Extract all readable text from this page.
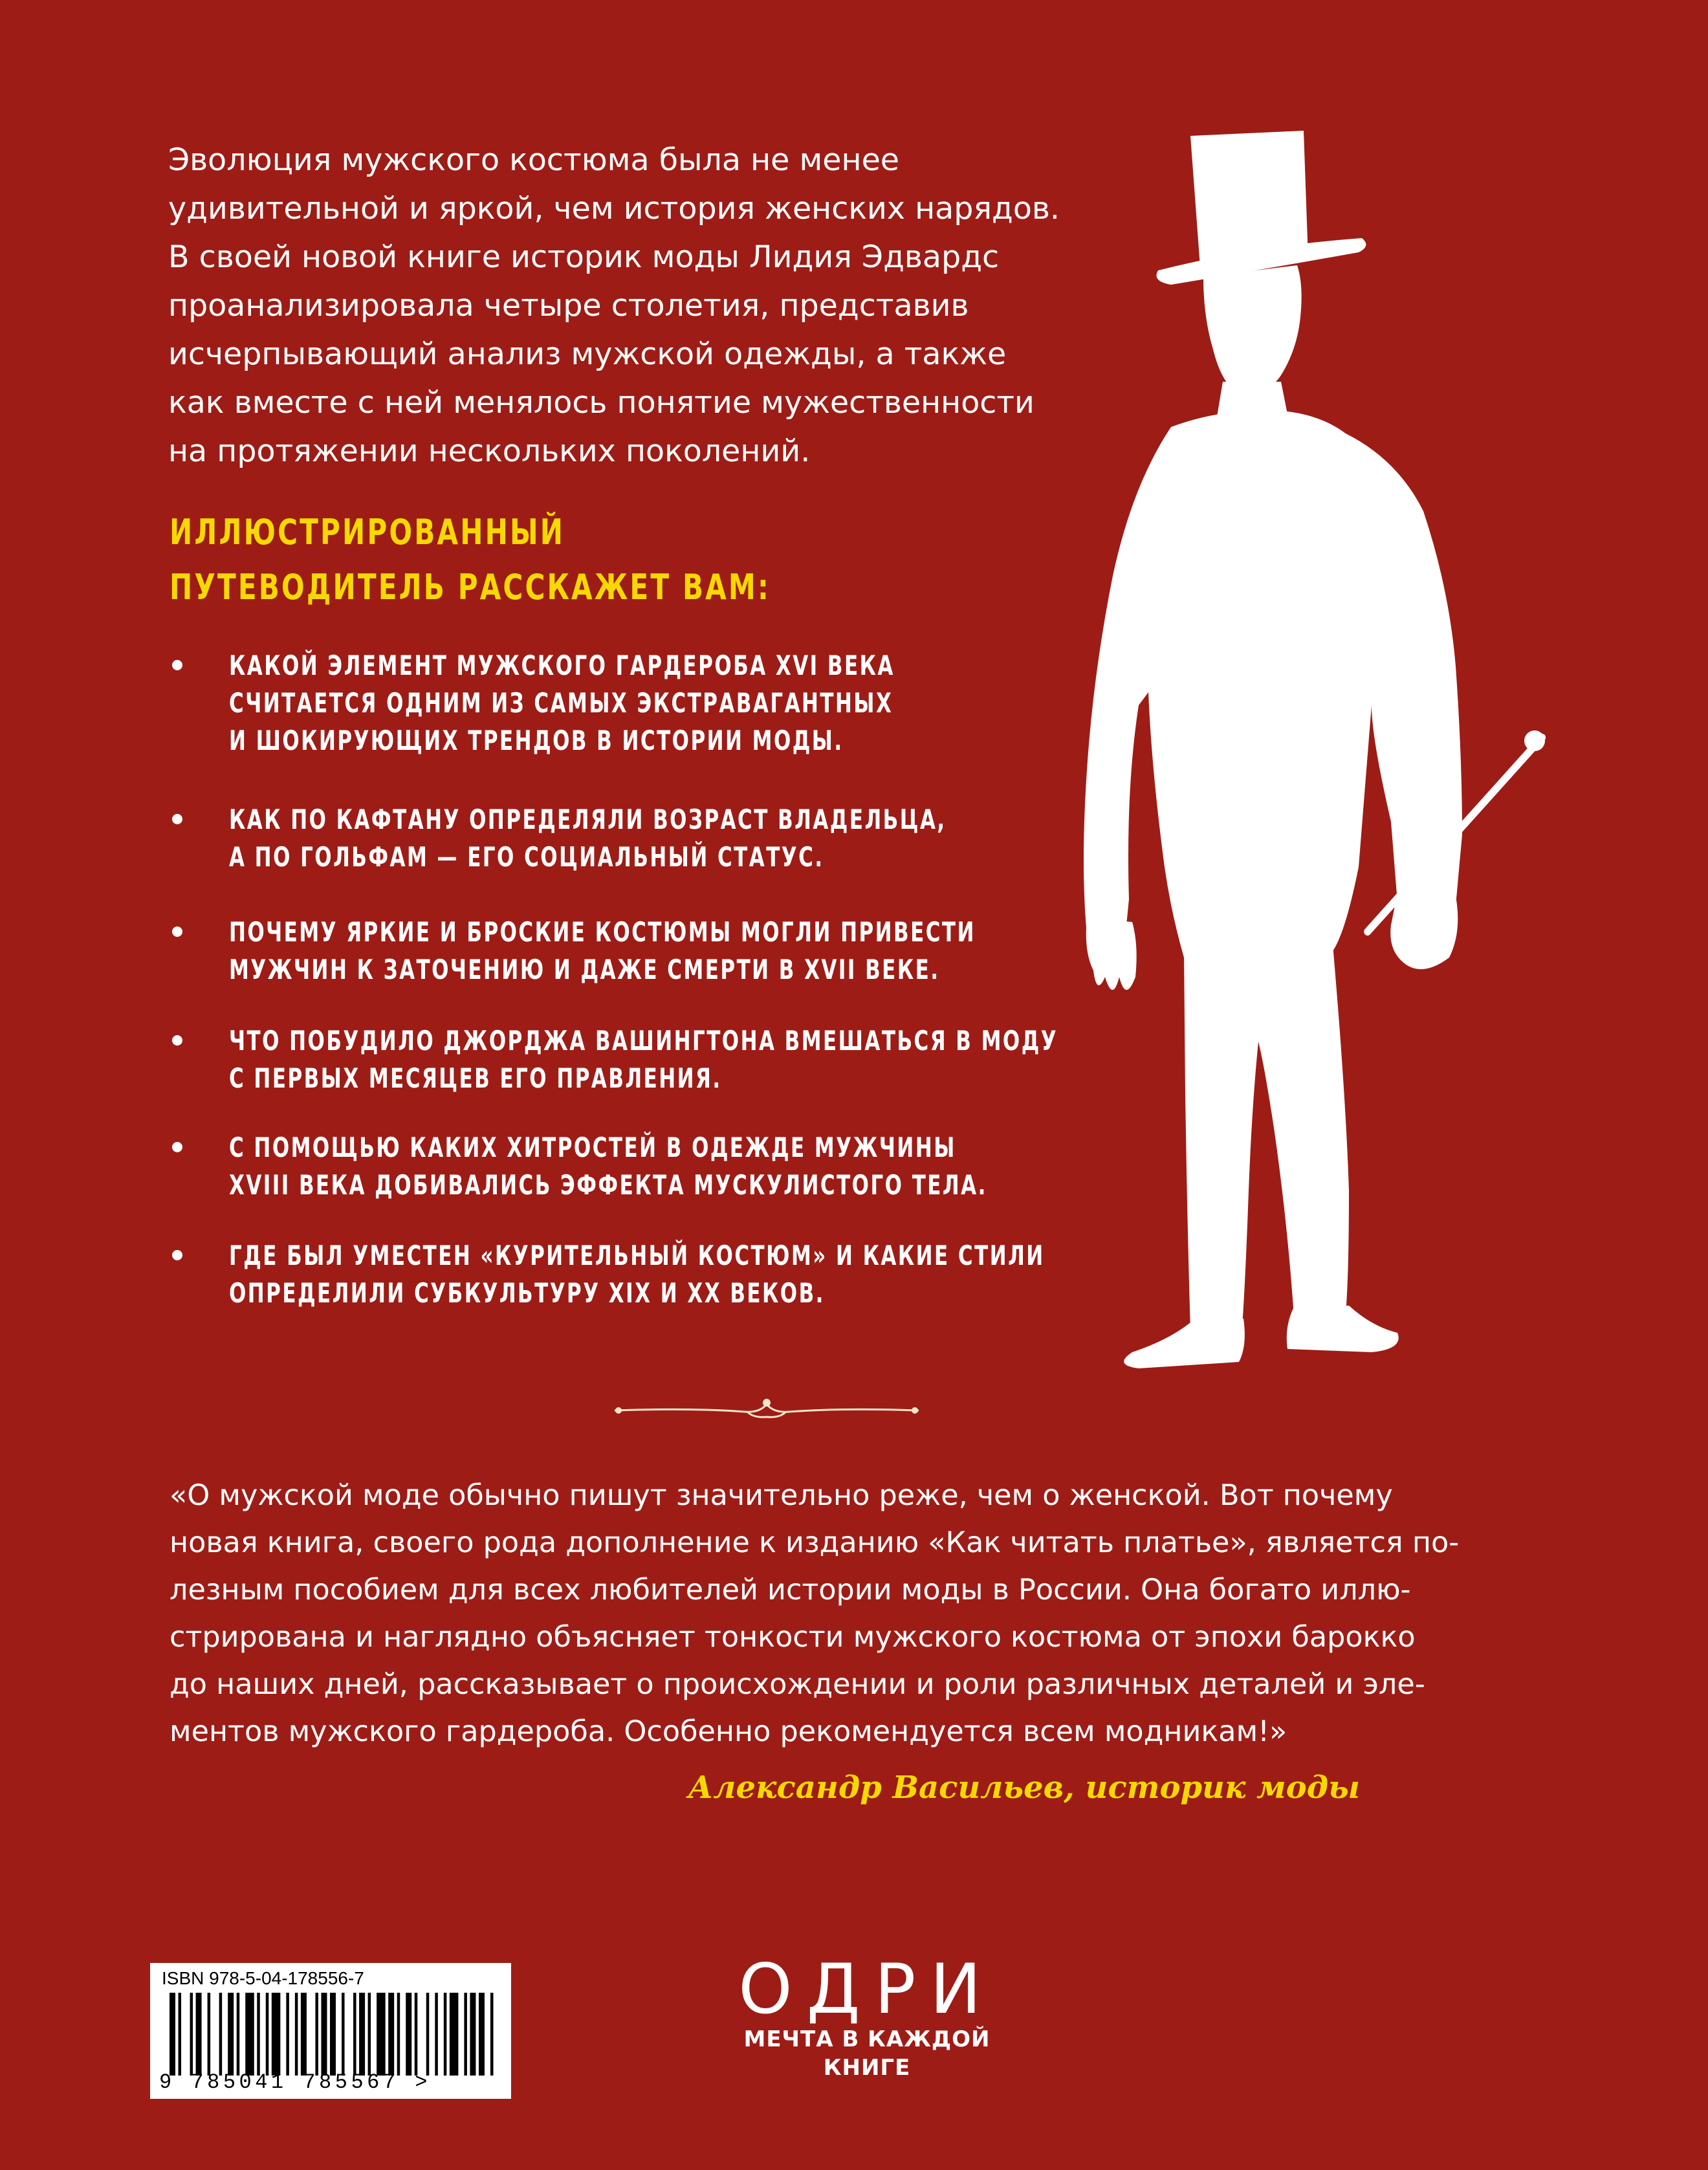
Эволюция мужского костюма была не менее
удивительной и яркой, чем история женских нарядов.
В своей новой книге историк моды Лидия Эдвардс
проанализировала четыре столетия, представив
исчерпывающий анализ мужской одежды, а также
как вместе с ней менялось понятие мужественности
на протяжении нескольких поколений.
ИЛЛЮСТРИРОВАННЫЙ
ПУТЕВОДИТЕЛЬ РАССКАЖЕТ ВАМ:
КАКОЙ ЭЛЕМЕНТ МУЖСКОГО ГАРДЕРОБА XVI ВЕКА
СЧИТАЕТСЯ ОДНИМ ИЗ САМЫХ ЭКСТРАВАГАНТНЫХ
И ШОКИРУЮЩИХ ТРЕНДОВ В ИСТОРИИ МОДЫ.
КАК ПО КАФТАНУ ОПРЕДЕЛЯЛИ ВОЗРАСТ ВЛАДЕЛЬЦА,
А ПО ГОЛЬФАМ — ЕГО СОЦИАЛЬНЫЙ СТАТУС.
ПОЧЕМУ ЯРКИЕ И БРОСКИЕ КОСТЮМЫ МОГЛИ ПРИВЕСТИ
МУЖЧИН К ЗАТОЧЕНИЮ И ДАЖЕ СМЕРТИ В XVII ВЕКЕ.
ЧТО ПОБУДИЛО ДЖОРДЖА ВАШИНГТОНА ВМЕШАТЬСЯ В МОДУ
С ПЕРВЫХ МЕСЯЦЕВ ЕГО ПРАВЛЕНИЯ.
С ПОМОЩЬЮ КАКИХ ХИТРОСТЕЙ В ОДЕЖДЕ МУЖЧИНЫ
XVIII ВЕКА ДОБИВАЛИСЬ ЭФФЕКТА МУСКУЛИСТОГО ТЕЛА.
ГДЕ БЫЛ УМЕСТЕН «КУРИТЕЛЬНЫЙ КОСТЮМ» И КАКИЕ СТИЛИ
ОПРЕДЕЛИЛИ СУБКУЛЬТУРУ XIX И XX ВЕКОВ.
«О мужской моде обычно пишут значительно реже, чем о женской. Вот почему
новая книга, своего рода дополнение к изданию «Как читать платье», является по-
лезным пособием для всех любителей истории моды в России. Она богато иллю-
стрирована и наглядно объясняет тонкости мужского костюма от эпохи барокко
до наших дней, рассказывает о происхождении и роли различных деталей и эле-
ментов мужского гардероба. Особенно рекомендуется всем модникам!»
Александр Васильев, историк моды
ISBN 978-5-04-178556-7
9 785041 785567 >
ОДРИ
МЕЧТА В КАЖДОЙ
КНИГЕ
